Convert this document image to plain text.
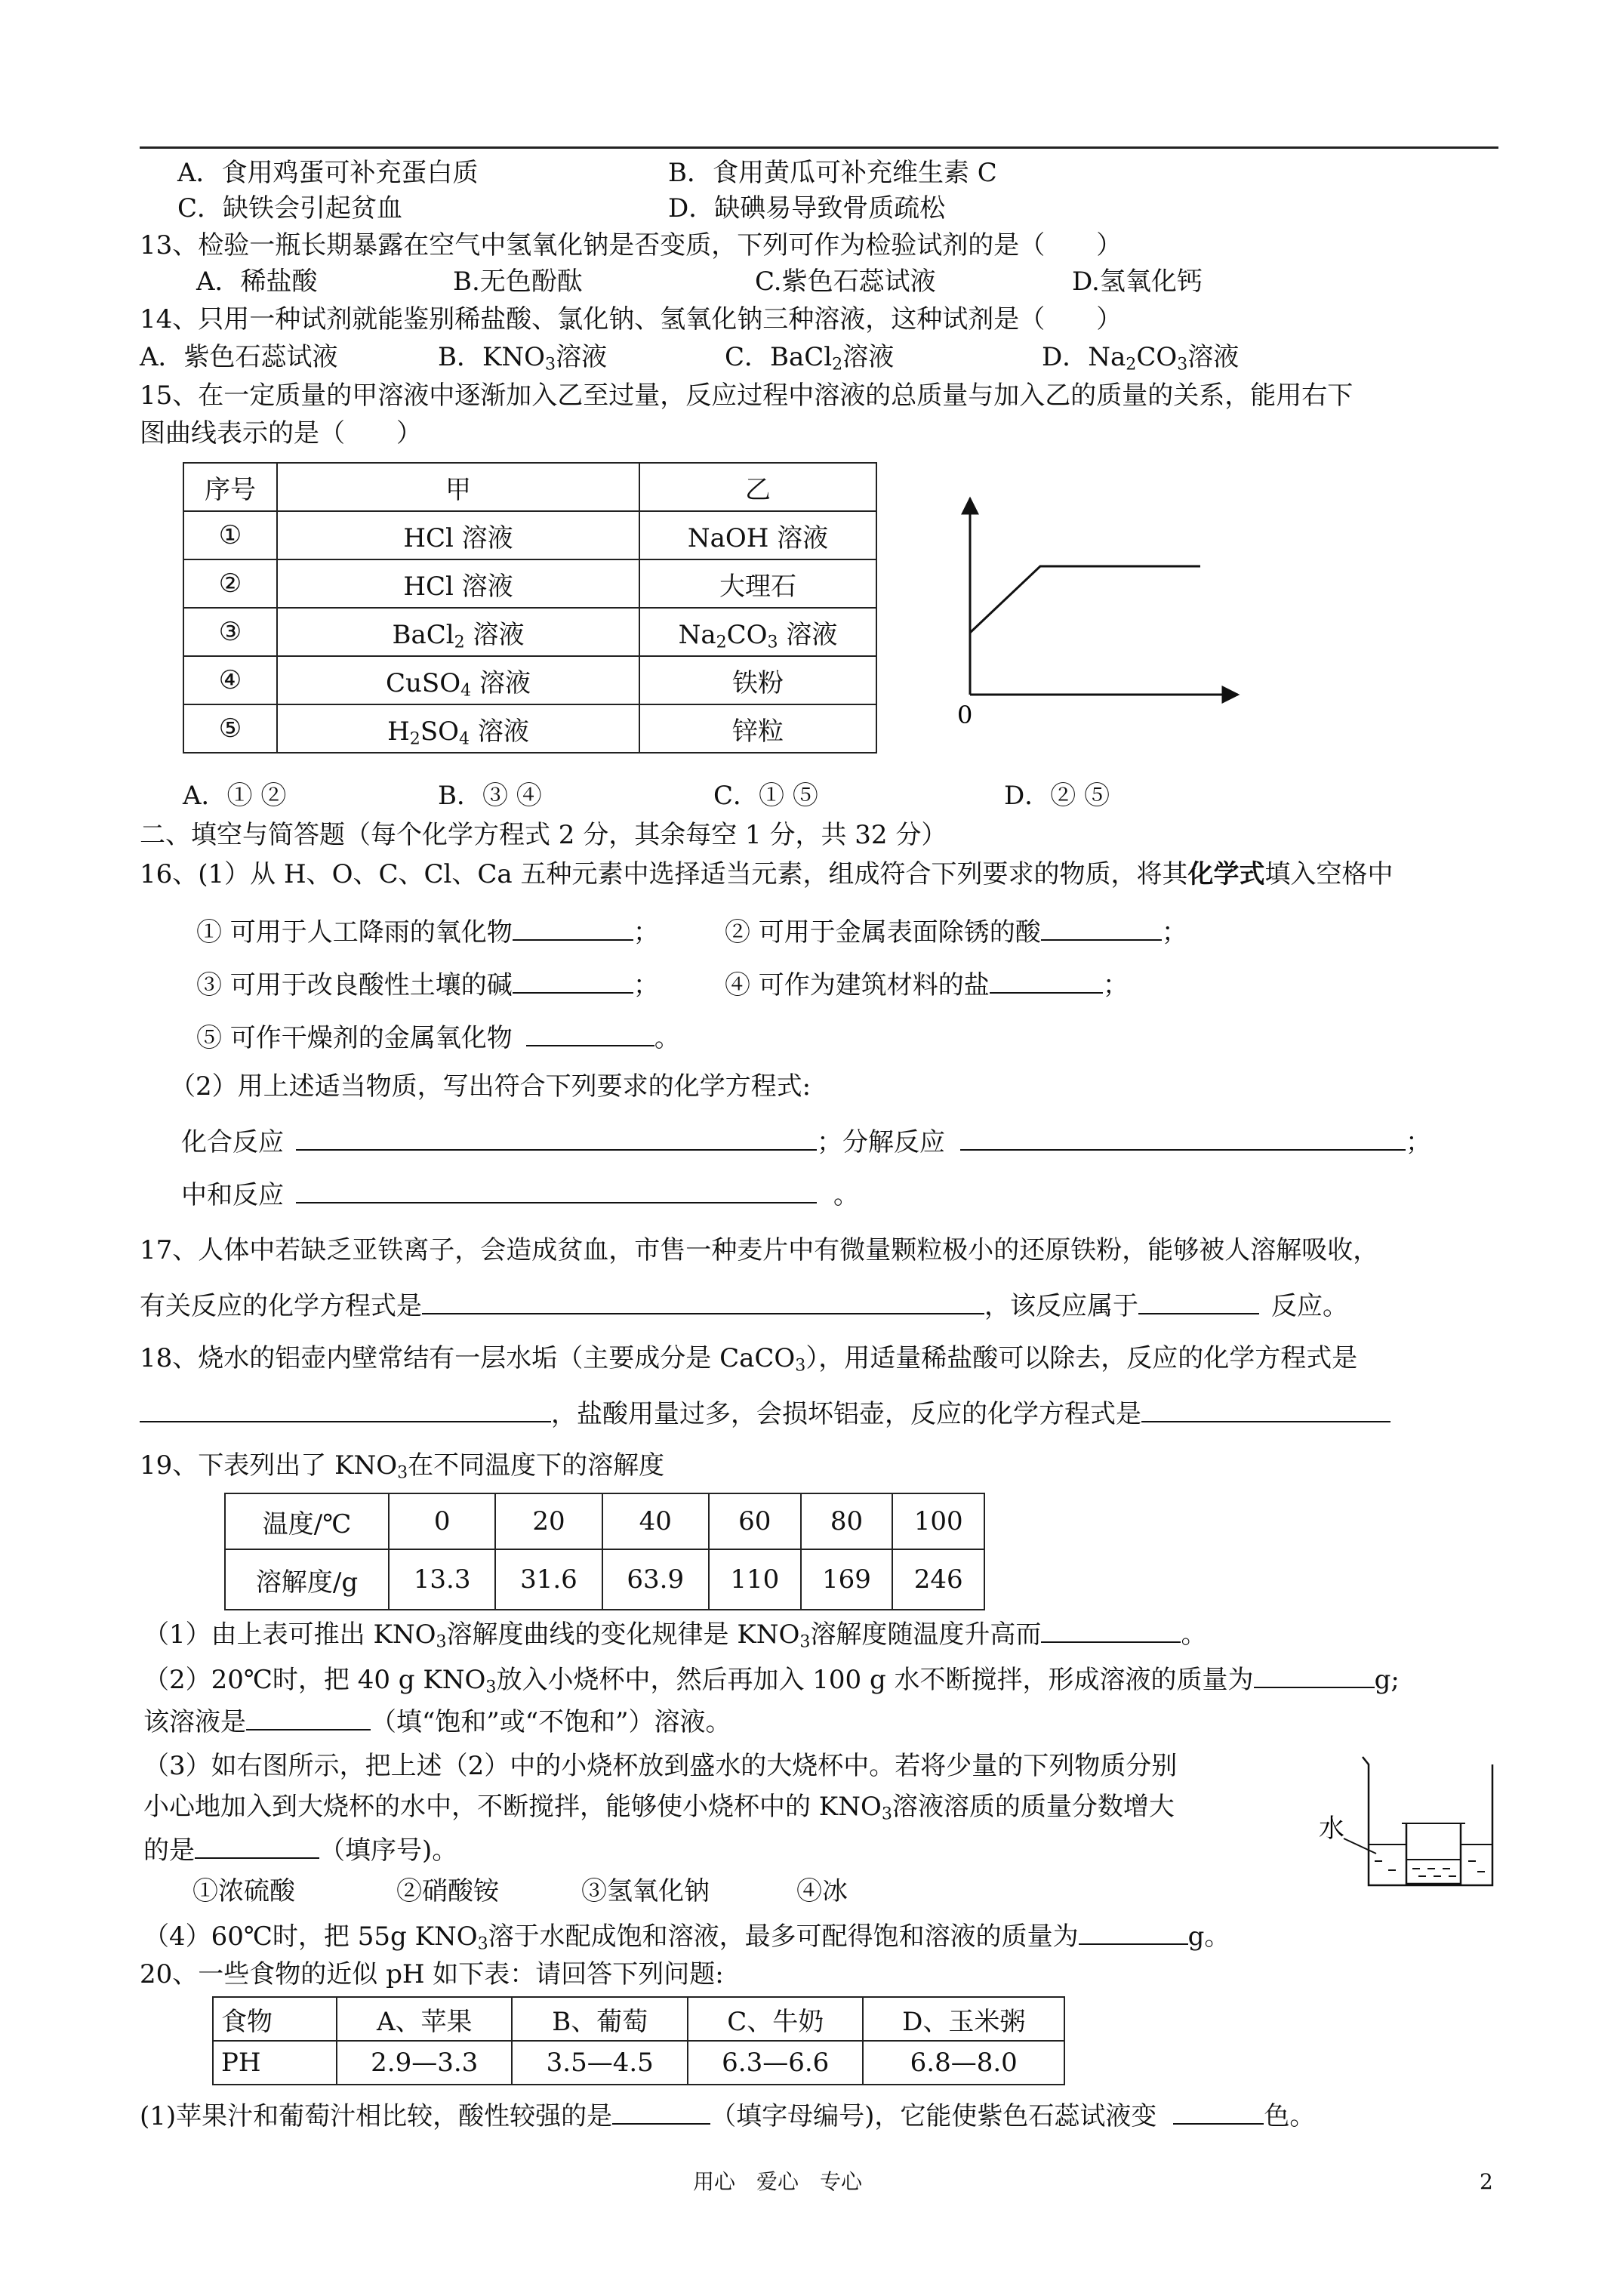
A．食用鸡蛋可补充蛋白质	B．食用黄瓜可补充维生素 C
C．缺铁会引起贫血	D．缺碘易导致骨质疏松
13、检验一瓶长期暴露在空气中氢氧化钠是否变质，下列可作为检验试剂的是（　　）
A．稀盐酸	B.无色酚酞	C.紫色石蕊试液	D.氢氧化钙
14、只用一种试剂就能鉴别稀盐酸、氯化钠、氢氧化钠三种溶液，这种试剂是（　　）
A．紫色石蕊试液	B．$KNO_3$溶液	C．BaCl$_2$溶液	D．$Na_2CO_3$溶液
15、在一定质量的甲溶液中逐渐加入乙至过量，反应过程中溶液的总质量与加入乙的质量的关系，能用右下
图曲线表示的是（　　）
序号	甲	乙
①	HCl 溶液	NaOH 溶液
②	HCl 溶液	大理石
③	BaCl$_2$ 溶液	$Na_2CO_3$ 溶液
④	CuSO$_4$ 溶液	铁粉
⑤	$H_2SO_4$ 溶液	锌粒
0
A．① ②	B．③ ④	C．① ⑤	D．② ⑤
二、填空与简答题（每个化学方程式 2 分，其余每空 1 分，共 32 分）
16、(1）从 H、O、C、Cl、Ca 五种元素中选择适当元素，组成符合下列要求的物质，将其化学式填入空格中
① 可用于人工降雨的氧化物	；	② 可用于金属表面除锈的酸	；
③ 可用于改良酸性土壤的碱	；	④ 可作为建筑材料的盐	；
⑤ 可作干燥剂的金属氧化物	。
（2）用上述适当物质，写出符合下列要求的化学方程式:
化合反应	；分解反应	；
中和反应	。
17、人体中若缺乏亚铁离子，会造成贫血，市售一种麦片中有微量颗粒极小的还原铁粉，能够被人溶解吸收，
有关反应的化学方程式是	，该反应属于	反应。
18、烧水的铝壶内壁常结有一层水垢（主要成分是 CaCO$_3$），用适量稀盐酸可以除去，反应的化学方程式是
，盐酸用量过多，会损坏铝壶，反应的化学方程式是
19、下表列出了 $KNO_3$在不同温度下的溶解度
温度/℃	0	20	40	60	80	100
溶解度/g	13.3	31.6	63.9	110	169	246
（1）由上表可推出 $KNO_3$溶解度曲线的变化规律是 $KNO_3$溶解度随温度升高而	。
（2）20℃时，把 40 g $KNO_3$放入小烧杯中，然后再加入 100 g 水不断搅拌，形成溶液的质量为	g;
该溶液是	（填“饱和”或“不饱和”）溶液。
（3）如右图所示，把上述（2）中的小烧杯放到盛水的大烧杯中。若将少量的下列物质分别
小心地加入到大烧杯的水中，不断搅拌，能够使小烧杯中的 $KNO_3$溶液溶质的质量分数增大
的是	（填序号)。
①浓硫酸	②硝酸铵	③氢氧化钠	④冰
水
（4）60℃时，把 55g $KNO_3$溶于水配成饱和溶液，最多可配得饱和溶液的质量为	g。
20、一些食物的近似 pH 如下表：请回答下列问题:
食物	A、苹果	B、葡萄	C、牛奶	D、玉米粥
PH	2.9—3.3	3.5—4.5	6.3—6.6	6.8—8.0
(1)苹果汁和葡萄汁相比较，酸性较强的是	（填字母编号)，它能使紫色石蕊试液变	色。
用心　爱心　专心	2
